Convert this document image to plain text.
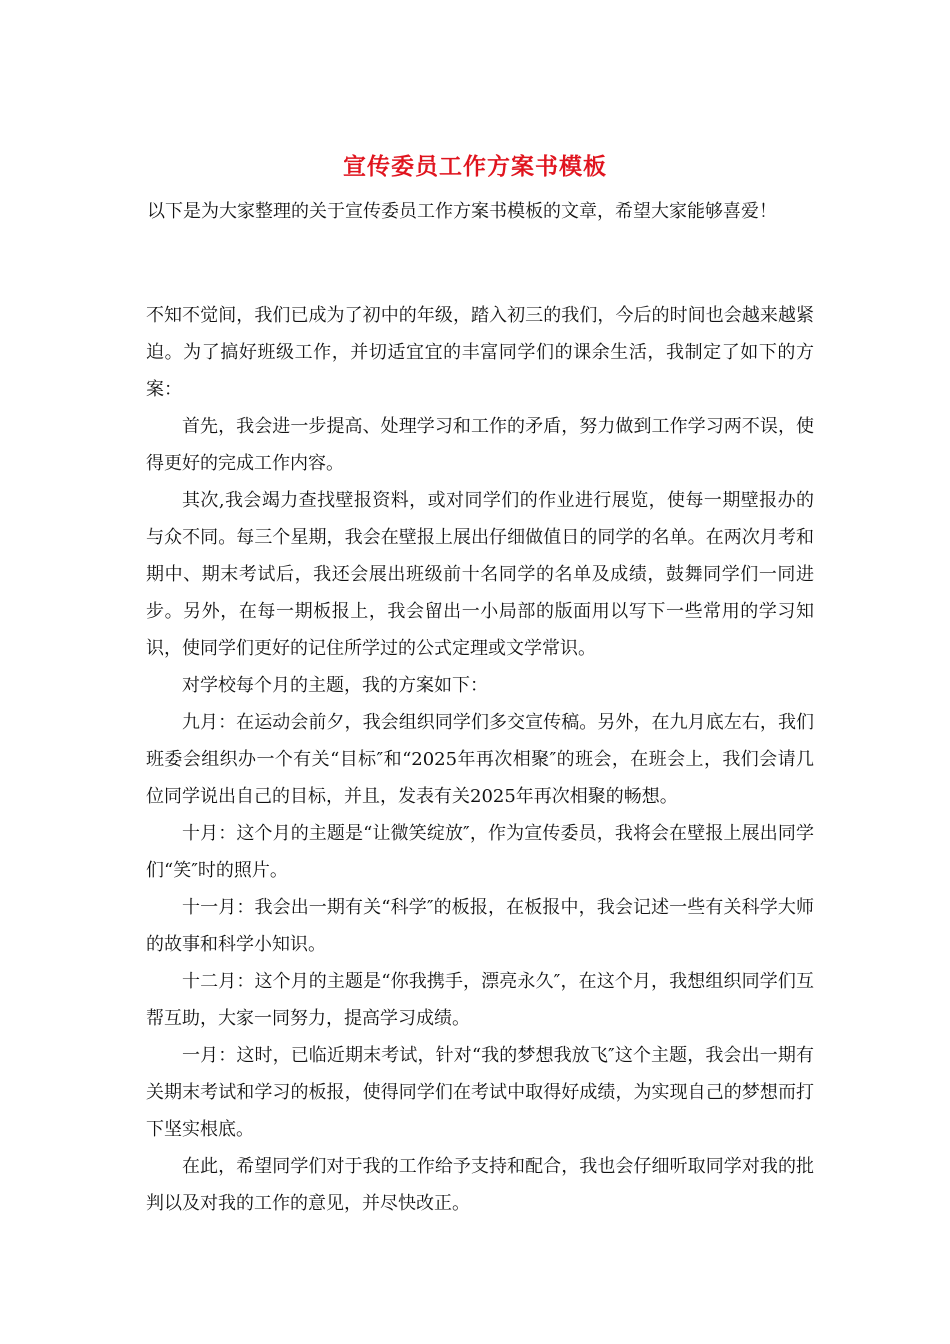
宣传委员工作方案书模板
以下是为大家整理的关于宣传委员工作方案书模板的文章，希望大家能够喜爱！

不知不觉间，我们已成为了初中的年级，踏入初三的我们，今后的时间也会越来越紧迫。为了搞好班级工作，并切适宜宜的丰富同学们的课余生活，我制定了如下的方案：

首先，我会进一步提高、处理学习和工作的矛盾，努力做到工作学习两不误，使得更好的完成工作内容。

其次,我会竭力查找壁报资料，或对同学们的作业进行展览，使每一期壁报办的与众不同。每三个星期，我会在壁报上展出仔细做值日的同学的名单。在两次月考和期中、期末考试后，我还会展出班级前十名同学的名单及成绩，鼓舞同学们一同进步。另外，在每一期板报上，我会留出一小局部的版面用以写下一些常用的学习知识，使同学们更好的记住所学过的公式定理或文学常识。

对学校每个月的主题，我的方案如下：

九月：在运动会前夕，我会组织同学们多交宣传稿。另外，在九月底左右，我们班委会组织办一个有关“目标″和“2025年再次相聚″的班会，在班会上，我们会请几位同学说出自己的目标，并且，发表有关2025年再次相聚的畅想。

十月：这个月的主题是“让微笑绽放″，作为宣传委员，我将会在壁报上展出同学们“笑″时的照片。

十一月：我会出一期有关“科学″的板报，在板报中，我会记述一些有关科学大师的故事和科学小知识。

十二月：这个月的主题是“你我携手，漂亮永久″，在这个月，我想组织同学们互帮互助，大家一同努力，提高学习成绩。

一月：这时，已临近期末考试，针对“我的梦想我放飞″这个主题，我会出一期有关期末考试和学习的板报，使得同学们在考试中取得好成绩，为实现自己的梦想而打下坚实根底。

在此，希望同学们对于我的工作给予支持和配合，我也会仔细听取同学对我的批判以及对我的工作的意见，并尽快改正。
